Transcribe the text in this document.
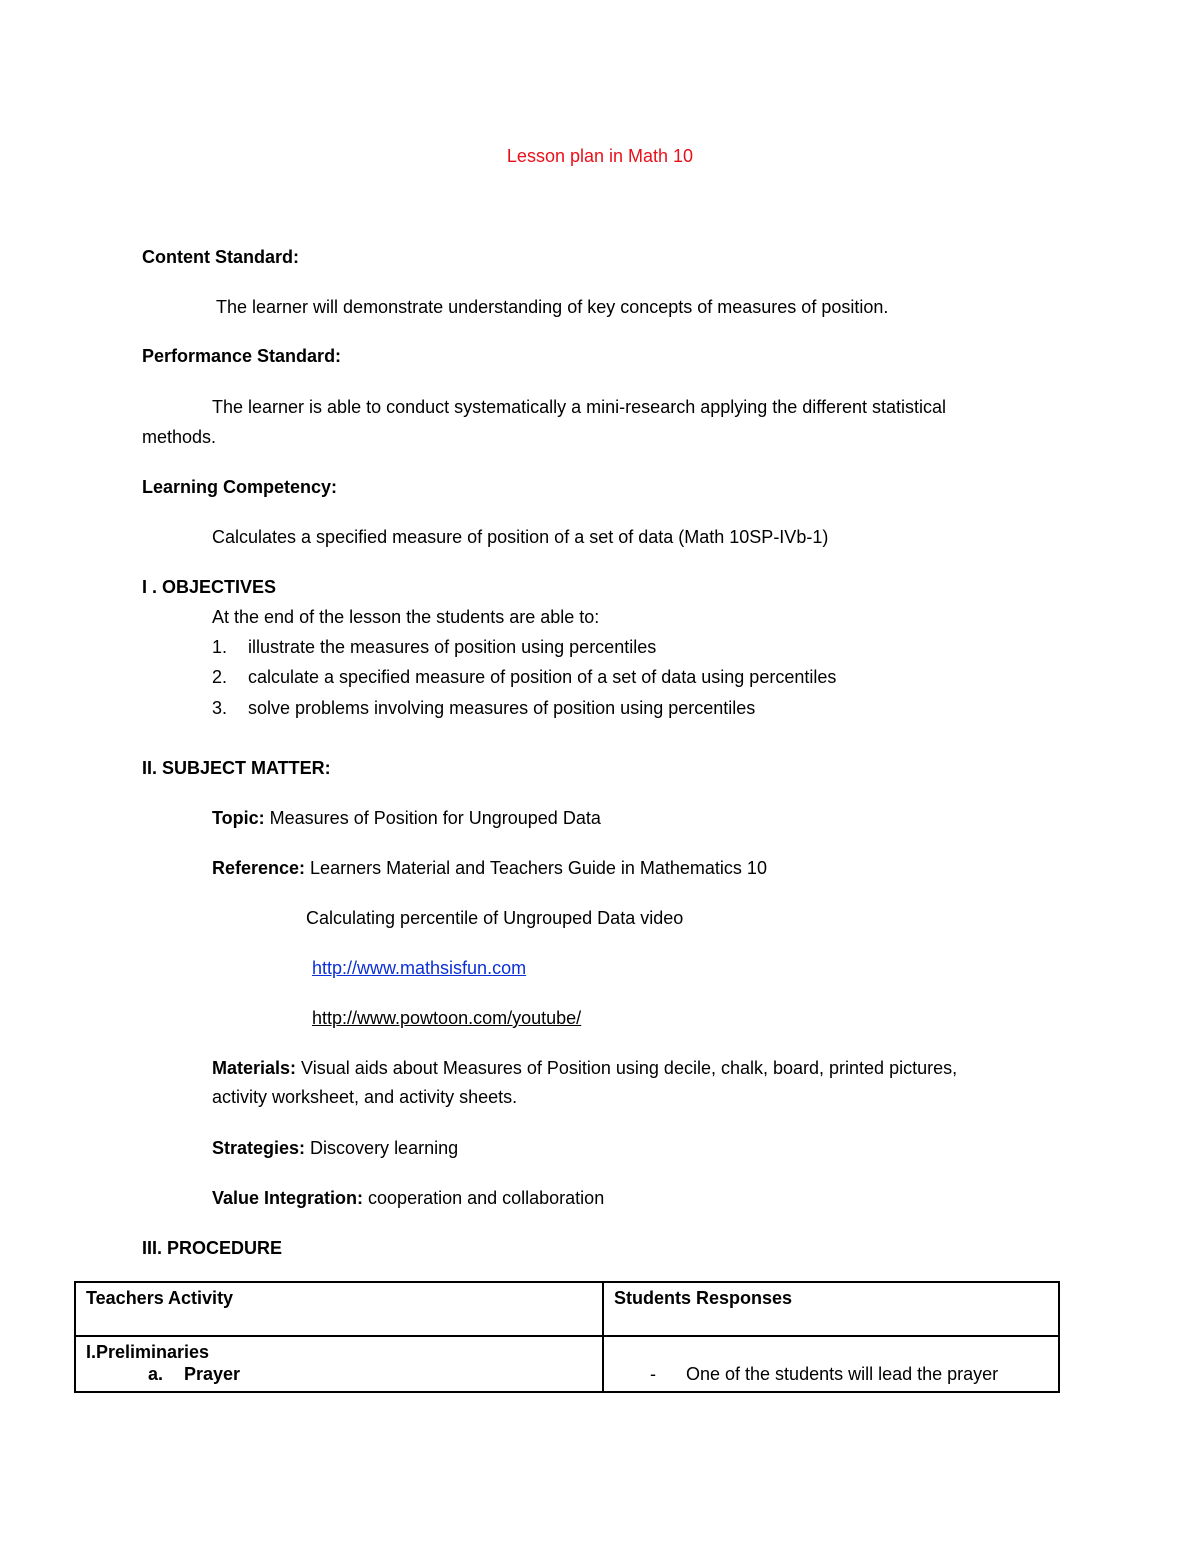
Lesson plan in Math 10
Content Standard:
The learner will demonstrate understanding of key concepts of measures of position.
Performance Standard:
The learner is able to conduct systematically a mini-research applying the different statistical
methods.
Learning Competency:
Calculates a specified measure of position of a set of data (Math 10SP-IVb-1)
I . OBJECTIVES
At the end of the lesson the students are able to:
1. illustrate the measures of position using percentiles
2. calculate a specified measure of position of a set of data using percentiles
3. solve problems involving measures of position using percentiles
II. SUBJECT MATTER:
Topic: Measures of Position for Ungrouped Data
Reference: Learners Material and Teachers Guide in Mathematics 10
Calculating percentile of Ungrouped Data video
http://www.mathsisfun.com
http://www.powtoon.com/youtube/
Materials: Visual aids about Measures of Position using decile, chalk, board, printed pictures,
activity worksheet, and activity sheets.
Strategies: Discovery learning
Value Integration: cooperation and collaboration
III. PROCEDURE
Teachers Activity	Students Responses

I.Preliminaries
a. Prayer	- One of the students will lead the prayer
